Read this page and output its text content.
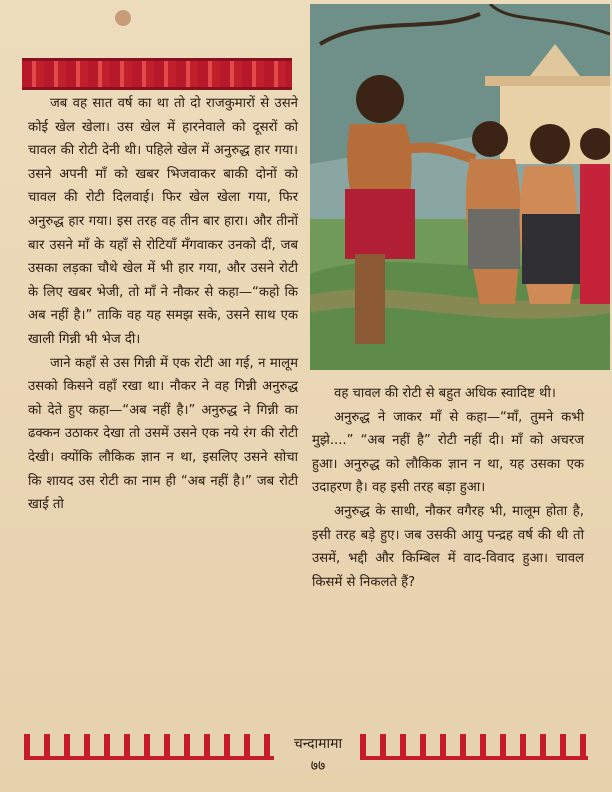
जब वह सात वर्ष का था तो दो राजकुमारों से उसने कोई खेल खेला। उस खेल में हारनेवाले को दूसरों को चावल की रोटी देनी थी। पहिले खेल में अनुरुद्ध हार गया। उसने अपनी माँ को खबर भिजवाकर बाकी दोनों को चावल की रोटी दिलवाई। फिर खेल खेला गया, फिर अनुरुद्ध हार गया। इस तरह वह तीन बार हारा। और तीनों बार उसने माँ के यहाँ से रोटियाँ मँगवाकर उनको दीं, जब उसका लड़का चौथे खेल में भी हार गया, और उसने रोटी के लिए खबर भेजी, तो माँ ने नौकर से कहा—“कहो कि अब नहीं है।” ताकि वह यह समझ सके, उसने साथ एक खाली गिन्नी भी भेज दी।

जाने कहाँ से उस गिन्नी में एक रोटी आ गई, न मालूम उसको किसने वहाँ रखा था। नौकर ने वह गिन्नी अनुरुद्ध को देते हुए कहा—“अब नहीं है।” अनुरुद्ध ने गिन्नी का ढक्कन उठाकर देखा तो उसमें उसने एक नये रंग की रोटी देखी। क्योंकि लौकिक ज्ञान न था, इसलिए उसने सोचा कि शायद उस रोटी का नाम ही “अब नहीं है।” जब रोटी खाई तो

वह चावल की रोटी से बहुत अधिक स्वादिष्ट थी।

अनुरुद्ध ने जाकर माँ से कहा—“माँ, तुमने कभी मुझे....” “अब नहीं है” रोटी नहीं दी। माँ को अचरज हुआ। अनुरुद्ध को लौकिक ज्ञान न था, यह उसका एक उदाहरण है। वह इसी तरह बड़ा हुआ।

अनुरुद्ध के साथी, नौकर वगैरह भी, मालूम होता है, इसी तरह बड़े हुए। जब उसकी आयु पन्द्रह वर्ष की थी तो उसमें, भद्दी और किम्बिल में वाद-विवाद हुआ। चावल किसमें से निकलते हैं?

चन्दामामा
७७
